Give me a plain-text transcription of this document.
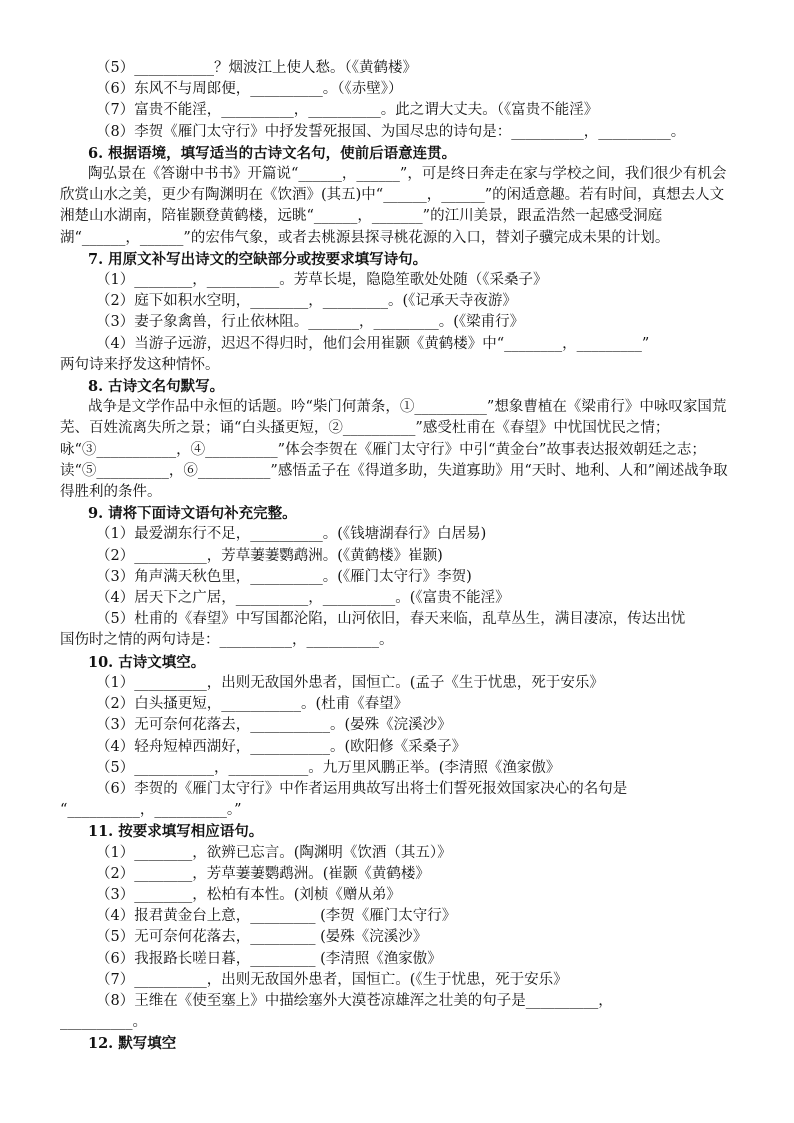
（5）___________？烟波江上使人愁。（《黄鹤楼》
（6）东风不与周郎便，__________。（《赤壁》）
（7）富贵不能淫，__________，__________。此之谓大丈夫。（《富贵不能淫》
（8）李贺《雁门太守行》中抒发誓死报国、为国尽忠的诗句是：__________，__________。
6. 根据语境，填写适当的古诗文名句，使前后语意连贯。
陶弘景在《答谢中书书》开篇说“______，______”，可是终日奔走在家与学校之间，我们很少有机会欣赏山水之美，更少有陶渊明在《饮酒》(其五)中“______，______”的闲适意趣。若有时间，真想去人文湘楚山水湖南，陪崔颢登黄鹤楼，远眺“______，_______”的江川美景，跟孟浩然一起感受洞庭湖“______，______”的宏伟气象，或者去桃源县探寻桃花源的入口，替刘子骥完成未果的计划。
7. 用原文补写出诗文的空缺部分或按要求填写诗句。
（1）________，__________。芳草长堤，隐隐笙歌处处随（《采桑子》
（2）庭下如积水空明，________，_________。(《记承天寺夜游》
（3）妻子象禽兽，行止依林阻。_______，_________。(《梁甫行》
（4）当游子远游，迟迟不得归时，他们会用崔颢《黄鹤楼》中“________，_________”
两句诗来抒发这种情怀。
8. 古诗文名句默写。
战争是文学作品中永恒的话题。吟“柴门何萧条，①__________”想象曹植在《梁甫行》中咏叹家国荒芜、百姓流离失所之景；诵“白头搔更短，②__________”感受杜甫在《春望》中忧国忧民之情；咏“③___________，④__________”体会李贺在《雁门太守行》中引“黄金台”故事表达报效朝廷之志；读“⑤__________，⑥__________”感悟孟子在《得道多助，失道寡助》用“天时、地利、人和”阐述战争取得胜利的条件。
9. 请将下面诗文语句补充完整。
（1）最爱湖东行不足，__________。(《钱塘湖春行》白居易)
（2）__________，芳草萋萋鹦鹉洲。(《黄鹤楼》崔颢)
（3）角声满天秋色里，__________。(《雁门太守行》李贺)
（4）居天下之广居，__________，__________。(《富贵不能淫》
（5）杜甫的《春望》中写国都沦陷，山河依旧，春天来临，乱草丛生，满目凄凉，传达出忧
国伤时之情的两句诗是：__________，__________。
10. 古诗文填空。
（1）__________，出则无敌国外患者，国恒亡。(孟子《生于忧患，死于安乐》
（2）白头搔更短，___________。(杜甫《春望》
（3）无可奈何花落去，___________。(晏殊《浣溪沙》
（4）轻舟短棹西湖好，___________。(欧阳修《采桑子》
（5）___________，___________。九万里风鹏正举。(李清照《渔家傲》
（6）李贺的《雁门太守行》中作者运用典故写出将士们誓死报效国家决心的名句是
“__________，__________。”
11. 按要求填写相应语句。
（1）________，欲辨已忘言。(陶渊明《饮酒（其五）》
（2）________，芳草萋萋鹦鹉洲。(崔颢《黄鹤楼》
（3）________，松柏有本性。(刘桢《赠从弟》
（4）报君黄金台上意，_________ (李贺《雁门太守行》
（5）无可奈何花落去，_________ (晏殊《浣溪沙》
（6）我报路长嗟日暮，_________ (李清照《渔家傲》
（7）__________，出则无敌国外患者，国恒亡。(《生于忧患，死于安乐》
（8）王维在《使至塞上》中描绘塞外大漠苍凉雄浑之壮美的句子是__________，
__________。
12. 默写填空
